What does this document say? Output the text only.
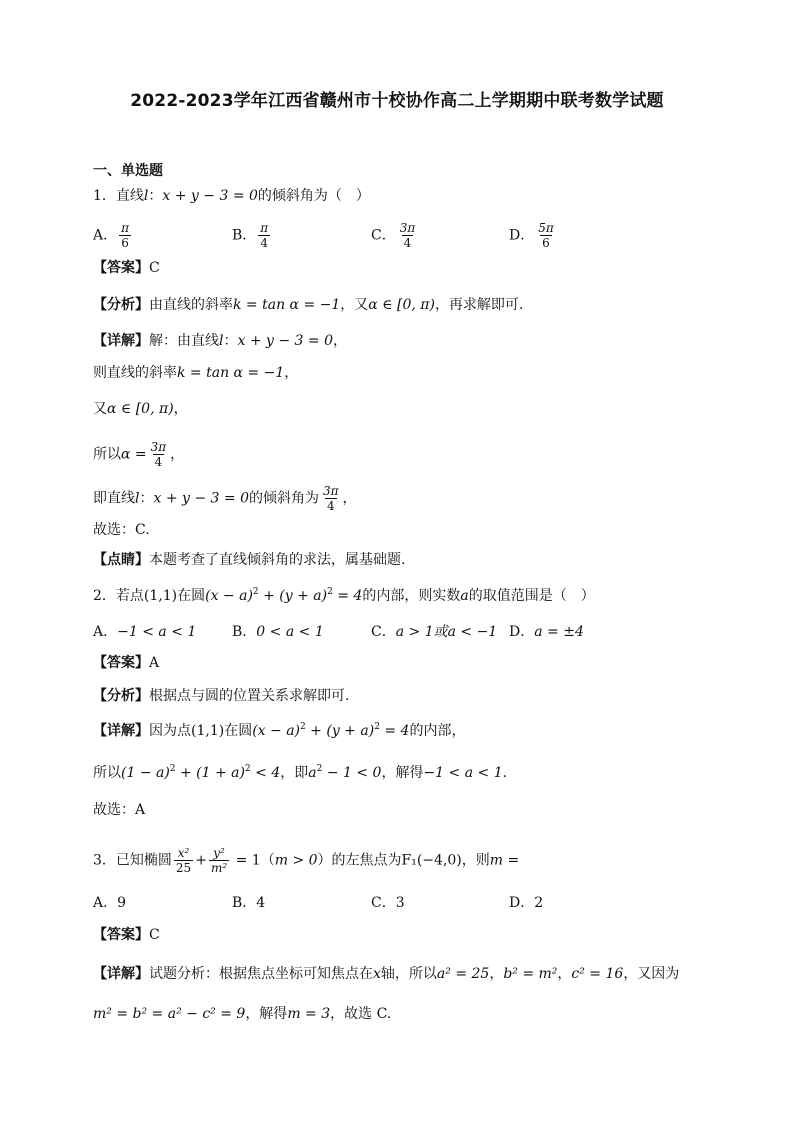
2022-2023学年江西省赣州市十校协作高二上学期期中联考数学试题
一、单选题
1．直线l：x + y − 3 = 0的倾斜角为（　）
A． $\frac{\pi}{6}$	B． $\frac{\pi}{4}$	C． $\frac{3\pi}{4}$	D． $\frac{5\pi}{6}$
【答案】C
【分析】由直线的斜率k = tan α = −1，又α ∈ [0, π)，再求解即可.
【详解】解：由直线l：x + y − 3 = 0，
则直线的斜率k = tan α = −1，
又α ∈ [0, π)，
所以$\alpha = \frac{3\pi}{4}$ ，
即直线l：x + y − 3 = 0的倾斜角为 $\frac{3\pi}{4}$ ，
故选：C.
【点睛】本题考查了直线倾斜角的求法，属基础题.
2．若点(1,1)在圆$(x - a)^2 + (y + a)^2 = 4$的内部，则实数a的取值范围是（　）
A．−1 < a < 1	B．0 < a < 1	C．a > 1或a < −1 D．a = ±4
【答案】A
【分析】根据点与圆的位置关系求解即可.
【详解】因为点(1,1)在圆$(x - a)^2 + (y + a)^2 = 4$的内部，
所以$(1 - a)^2 + (1 + a)^2 < 4$，即$a^2 - 1 < 0$，解得−1 < a < 1.
故选：A
3．已知椭圆 $\frac{\text{x²}}{25} + \frac{\text{y²}}{\text{m²}} = 1(m > 0)$的左焦点为F₁(−4,0)，则m =
A．9	B．4	C．3	D．2
【答案】C
【详解】试题分析：根据焦点坐标可知焦点在x轴，所以a² = 25，b² = m²，c² = 16，又因为
m² = b² = a² − c² = 9，解得m = 3，故选 C.
